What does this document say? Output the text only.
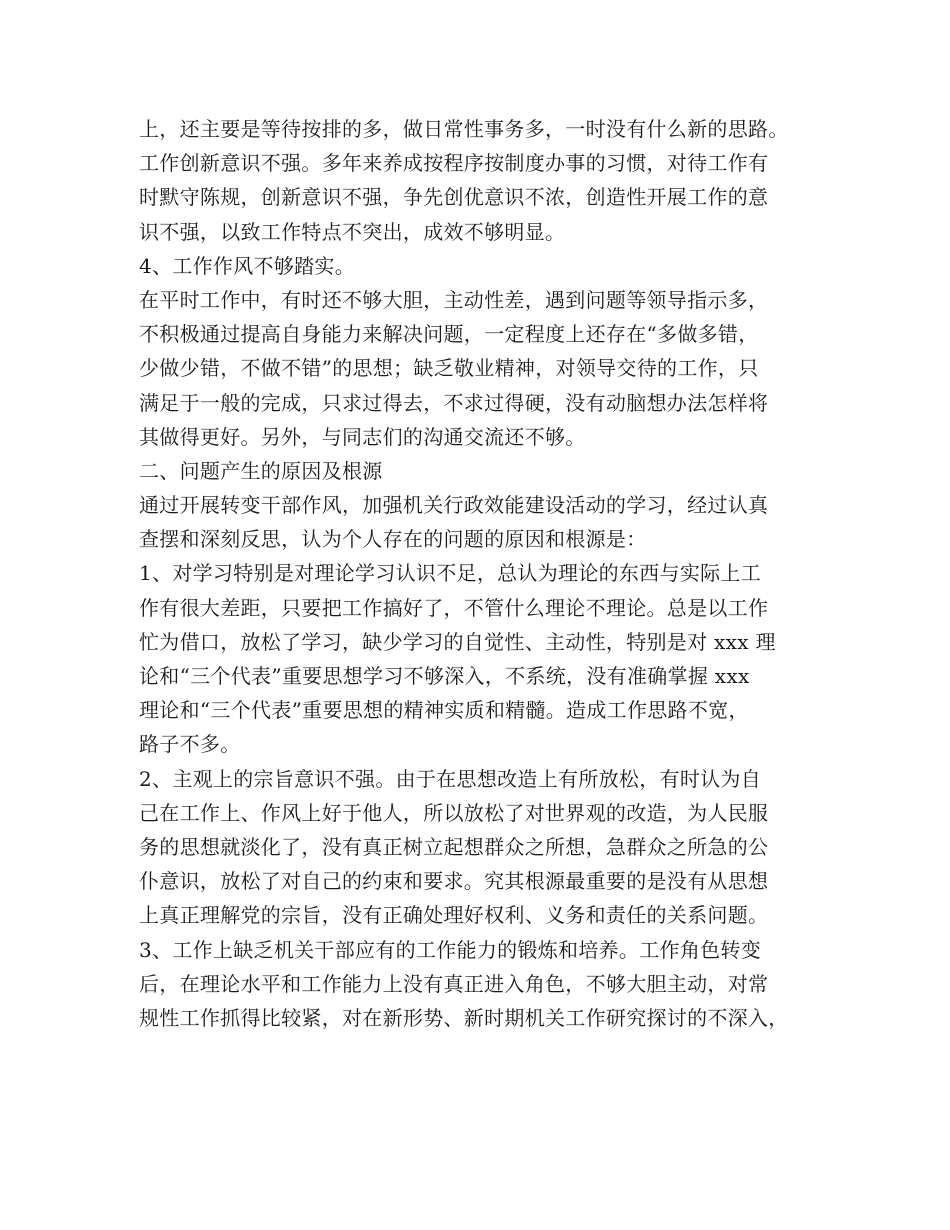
上，还主要是等待按排的多，做日常性事务多，一时没有什么新的思路。
工作创新意识不强。多年来养成按程序按制度办事的习惯，对待工作有
时默守陈规，创新意识不强，争先创优意识不浓，创造性开展工作的意
识不强，以致工作特点不突出，成效不够明显。
4、工作作风不够踏实。
在平时工作中，有时还不够大胆，主动性差，遇到问题等领导指示多，
不积极通过提高自身能力来解决问题，一定程度上还存在“多做多错，
少做少错，不做不错”的思想；缺乏敬业精神，对领导交待的工作，只
满足于一般的完成，只求过得去，不求过得硬，没有动脑想办法怎样将
其做得更好。另外，与同志们的沟通交流还不够。
二、问题产生的原因及根源
通过开展转变干部作风，加强机关行政效能建设活动的学习，经过认真
查摆和深刻反思，认为个人存在的问题的原因和根源是：
1、对学习特别是对理论学习认识不足，总认为理论的东西与实际上工
作有很大差距，只要把工作搞好了，不管什么理论不理论。总是以工作
忙为借口，放松了学习，缺少学习的自觉性、主动性，特别是对 xxx 理
论和“三个代表”重要思想学习不够深入，不系统，没有准确掌握 xxx
理论和“三个代表”重要思想的精神实质和精髓。造成工作思路不宽，
路子不多。
2、主观上的宗旨意识不强。由于在思想改造上有所放松，有时认为自
己在工作上、作风上好于他人，所以放松了对世界观的改造，为人民服
务的思想就淡化了，没有真正树立起想群众之所想，急群众之所急的公
仆意识，放松了对自己的约束和要求。究其根源最重要的是没有从思想
上真正理解党的宗旨，没有正确处理好权利、义务和责任的关系问题。
3、工作上缺乏机关干部应有的工作能力的锻炼和培养。工作角色转变
后，在理论水平和工作能力上没有真正进入角色，不够大胆主动，对常
规性工作抓得比较紧，对在新形势、新时期机关工作研究探讨的不深入，
